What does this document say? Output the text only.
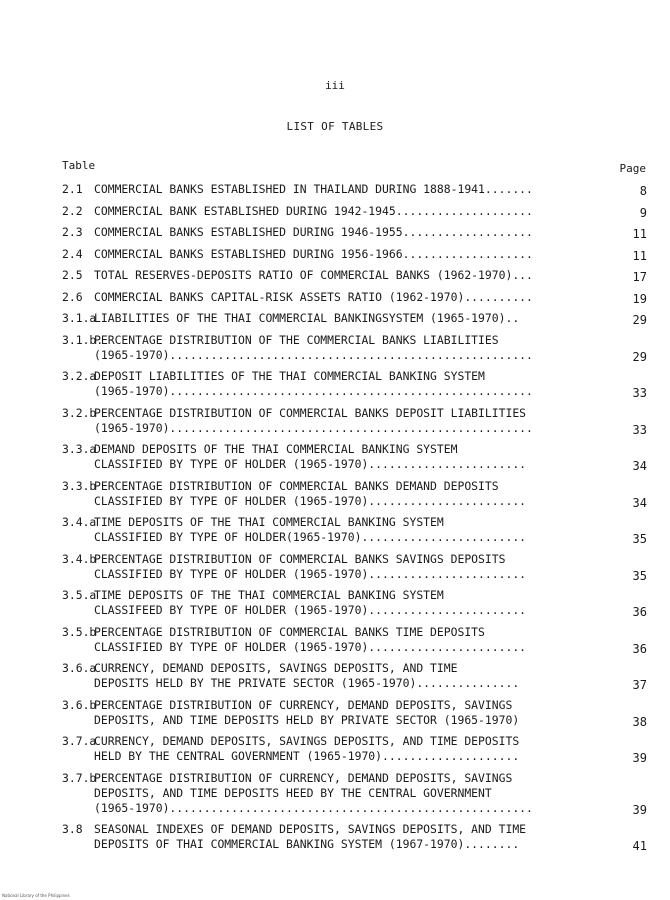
iii
LIST OF TABLES
Table	Page
2.1	COMMERCIAL BANKS ESTABLISHED IN THAILAND DURING 1888-1941.......	8
2.2	COMMERCIAL BANK ESTABLISHED DURING 1942-1945....................	9
2.3	COMMERCIAL BANKS ESTABLISHED DURING 1946-1955...................	11
2.4	COMMERCIAL BANKS ESTABLISHED DURING 1956-1966...................	11
2.5	TOTAL RESERVES-DEPOSITS RATIO OF COMMERCIAL BANKS (1962-1970)...	17
2.6	COMMERCIAL BANKS CAPITAL-RISK ASSETS RATIO (1962-1970)..........	19
3.1.a
LIABILITIES OF THE THAI COMMERCIAL BANKINGSYSTEM (1965-1970)..	29
3.1.b.
PERCENTAGE DISTRIBUTION OF THE COMMERCIAL BANKS LIABILITIES
(1965-1970).....................................................	29
3.2.a
DEPOSIT LIABILITIES OF THE THAI COMMERCIAL BANKING SYSTEM
(1965-1970).....................................................	33
3.2.b
PERCENTAGE DISTRIBUTION OF COMMERCIAL BANKS DEPOSIT LIABILITIES
(1965-1970).....................................................	33
3.3.a
DEMAND DEPOSITS OF THE THAI COMMERCIAL BANKING SYSTEM
CLASSIFIED BY TYPE OF HOLDER (1965-1970).......................	34
3.3.b
PERCENTAGE DISTRIBUTION OF COMMERCIAL BANKS DEMAND DEPOSITS
CLASSIFIED BY TYPE OF HOLDER (1965-1970).......................	34
3.4.a
TIME DEPOSITS OF THE THAI COMMERCIAL BANKING SYSTEM
CLASSIFIED BY TYPE OF HOLDER(1965-1970)........................	35
3.4.b
PERCENTAGE DISTRIBUTION OF COMMERCIAL BANKS SAVINGS DEPOSITS
CLASSIFIED BY TYPE OF HOLDER (1965-1970).......................	35
3.5.a
TIME DEPOSITS OF THE THAI COMMERCIAL BANKING SYSTEM
CLASSIFEED BY TYPE OF HOLDER (1965-1970).......................	36
3.5.b
PERCENTAGE DISTRIBUTION OF COMMERCIAL BANKS TIME DEPOSITS
CLASSIFIED BY TYPE OF HOLDER (1965-1970).......................	36
3.6.a
CURRENCY, DEMAND DEPOSITS, SAVINGS DEPOSITS, AND TIME
DEPOSITS HELD BY THE PRIVATE SECTOR (1965-1970)...............	37
3.6.b
PERCENTAGE DISTRIBUTION OF CURRENCY, DEMAND DEPOSITS, SAVINGS
DEPOSITS, AND TIME DEPOSITS HELD BY PRIVATE SECTOR (1965-1970)	38
3.7.a
CURRENCY, DEMAND DEPOSITS, SAVINGS DEPOSITS, AND TIME DEPOSITS
HELD BY THE CENTRAL GOVERNMENT (1965-1970)....................	39
3.7.b
PERCENTAGE DISTRIBUTION OF CURRENCY, DEMAND DEPOSITS, SAVINGS
DEPOSITS, AND TIME DEPOSITS HEED BY THE CENTRAL GOVERNMENT
(1965-1970).....................................................	39
3.8	SEASONAL INDEXES OF DEMAND DEPOSITS, SAVINGS DEPOSITS, AND TIME
DEPOSITS OF THAI COMMERCIAL BANKING SYSTEM (1967-1970)........	41
National Library of the Philippines
